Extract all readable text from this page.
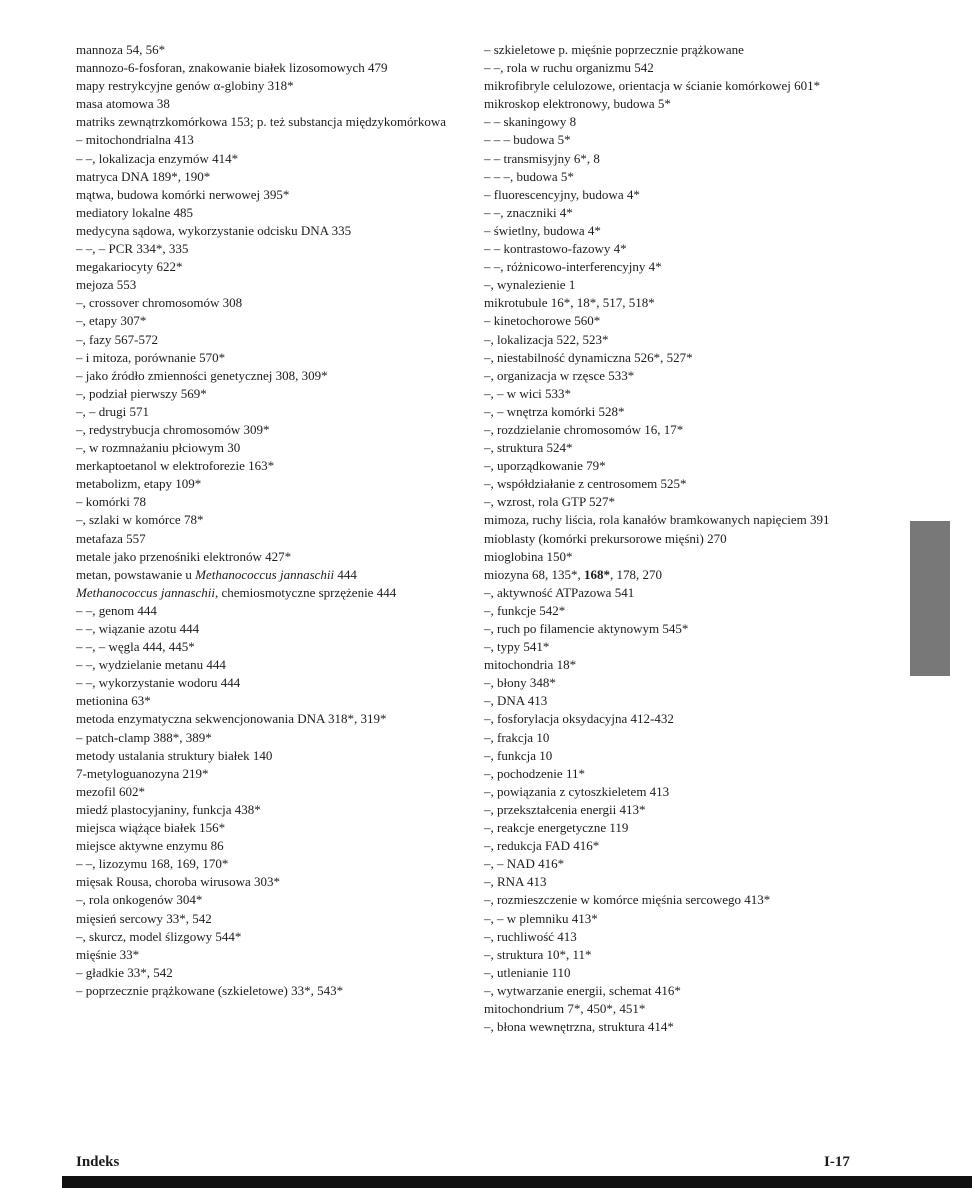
mannoza 54, 56*
mannozo-6-fosforan, znakowanie białek lizosomowych 479
mapy restrykcyjne genów α-globiny 318*
masa atomowa 38
matriks zewnątrzkomórkowa 153; p. też substancja międzykomórkowa
– mitochondrialna 413
– –, lokalizacja enzymów 414*
matryca DNA 189*, 190*
mątwa, budowa komórki nerwowej 395*
mediatory lokalne 485
medycyna sądowa, wykorzystanie odcisku DNA 335
– –, – PCR 334*, 335
megakariocyty 622*
mejoza 553
–, crossover chromosomów 308
–, etapy 307*
–, fazy 567-572
– i mitoza, porównanie 570*
– jako źródło zmienności genetycznej 308, 309*
–, podział pierwszy 569*
–, – drugi 571
–, redystrybucja chromosomów 309*
–, w rozmnażaniu płciowym 30
merkaptoetanol w elektroforezie 163*
metabolizm, etapy 109*
– komórki 78
–, szlaki w komórce 78*
metafaza 557
metale jako przenośniki elektronów 427*
metan, powstawanie u Methanococcus jannaschii 444
Methanococcus jannaschii, chemiosmotyczne sprzężenie 444
– –, genom 444
– –, wiązanie azotu 444
– –, – węgla 444, 445*
– –, wydzielanie metanu 444
– –, wykorzystanie wodoru 444
metionina 63*
metoda enzymatyczna sekwencjonowania DNA 318*, 319*
– patch-clamp 388*, 389*
metody ustalania struktury białek 140
7-metyloguanozyna 219*
mezofil 602*
miedź plastocyjaniny, funkcja 438*
miejsca wiążące białek 156*
miejsce aktywne enzymu 86
– –, lizozymu 168, 169, 170*
mięsak Rousa, choroba wirusowa 303*
–, rola onkogenów 304*
mięsień sercowy 33*, 542
–, skurcz, model ślizgowy 544*
mięśnie 33*
– gładkie 33*, 542
– poprzecznie prążkowane (szkieletowe) 33*, 543*
– szkieletowe p. mięśnie poprzecznie prążkowane
– –, rola w ruchu organizmu 542
mikrofibryle celulozowe, orientacja w ścianie komórkowej 601*
mikroskop elektronowy, budowa 5*
– – skaningowy 8
– – – budowa 5*
– – transmisyjny 6*, 8
– – –, budowa 5*
– fluorescencyjny, budowa 4*
– –, znaczniki 4*
– świetlny, budowa 4*
– – kontrastowo-fazowy 4*
– –, różnicowo-interferencyjny 4*
–, wynalezienie 1
mikrotubule 16*, 18*, 517, 518*
– kinetochorowe 560*
–, lokalizacja 522, 523*
–, niestabilność dynamiczna 526*, 527*
–, organizacja w rzęsce 533*
–, – w wici 533*
–, – wnętrza komórki 528*
–, rozdzielanie chromosomów 16, 17*
–, struktura 524*
–, uporządkowanie 79*
–, współdziałanie z centrosomem 525*
–, wzrost, rola GTP 527*
mimoza, ruchy liścia, rola kanałów bramkowanych napięciem 391
mioblasty (komórki prekursorowe mięśni) 270
mioglobina 150*
miozyna 68, 135*, 168*, 178, 270
–, aktywność ATPazowa 541
–, funkcje 542*
–, ruch po filamencie aktynowym 545*
–, typy 541*
mitochondria 18*
–, błony 348*
–, DNA 413
–, fosforylacja oksydacyjna 412-432
–, frakcja 10
–, funkcja 10
–, pochodzenie 11*
–, powiązania z cytoszkieletem 413
–, przekształcenia energii 413*
–, reakcje energetyczne 119
–, redukcja FAD 416*
–, – NAD 416*
–, RNA 413
–, rozmieszczenie w komórce mięśnia sercowego 413*
–, – w plemniku 413*
–, ruchliwość 413
–, struktura 10*, 11*
–, utlenianie 110
–, wytwarzanie energii, schemat 416*
mitochondrium 7*, 450*, 451*
–, błona wewnętrzna, struktura 414*
Indeks	I-17
